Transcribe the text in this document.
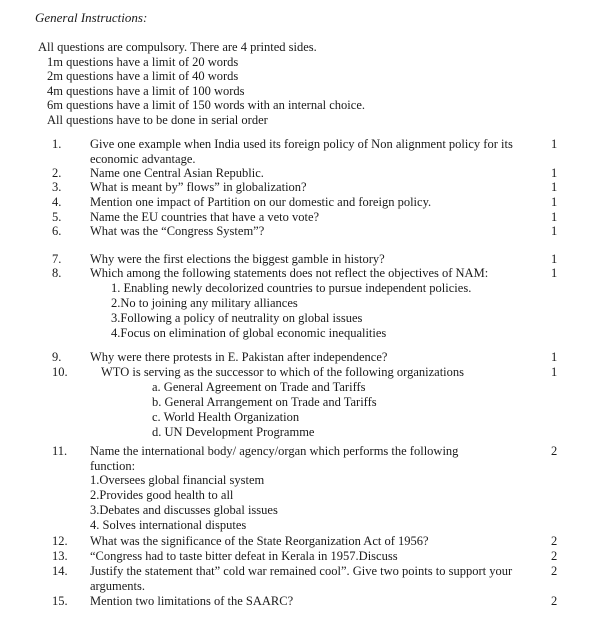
General Instructions:
All questions are compulsory. There are 4 printed sides.
1m questions have a limit of 20 words
2m questions have a limit of 40 words
4m questions have a limit of 100 words
6m questions have a limit of 150 words with an internal choice.
All questions have to be done in serial order
1. Give one example when India used its foreign policy of Non alignment policy for its economic advantage.
1
2. Name one Central Asian Republic.	1
3. What is meant by” flows” in globalization?	1
4. Mention one impact of Partition on our domestic and foreign policy.	1
5. Name the EU countries that have a veto vote?	1
6. What was the “Congress System”?	1
7. Why were the first elections the biggest gamble in history?	1
8. Which among the following statements does not reflect the objectives of NAM:	1
1. Enabling newly decolorized countries to pursue independent policies.
2.No to joining any military alliances
3.Following a policy of neutrality on global issues
4.Focus on elimination of global economic inequalities
9. Why were there protests in E. Pakistan after independence?	1
10.	WTO is serving as the successor to which of the following organizations	1
a. General Agreement on Trade and Tariffs
b. General Arrangement on Trade and Tariffs
c. World Health Organization
d. UN Development Programme
11. Name the international body/ agency/organ which performs the following function:
2
1.Oversees global financial system
2.Provides good health to all
3.Debates and discusses global issues
4. Solves international disputes
12. What was the significance of the State Reorganization Act of 1956?	2
13. “Congress had to taste bitter defeat in Kerala in 1957.Discuss	2
14. Justify the statement that” cold war remained cool”. Give two points to support your arguments.
2
15. Mention two limitations of the SAARC?	2
